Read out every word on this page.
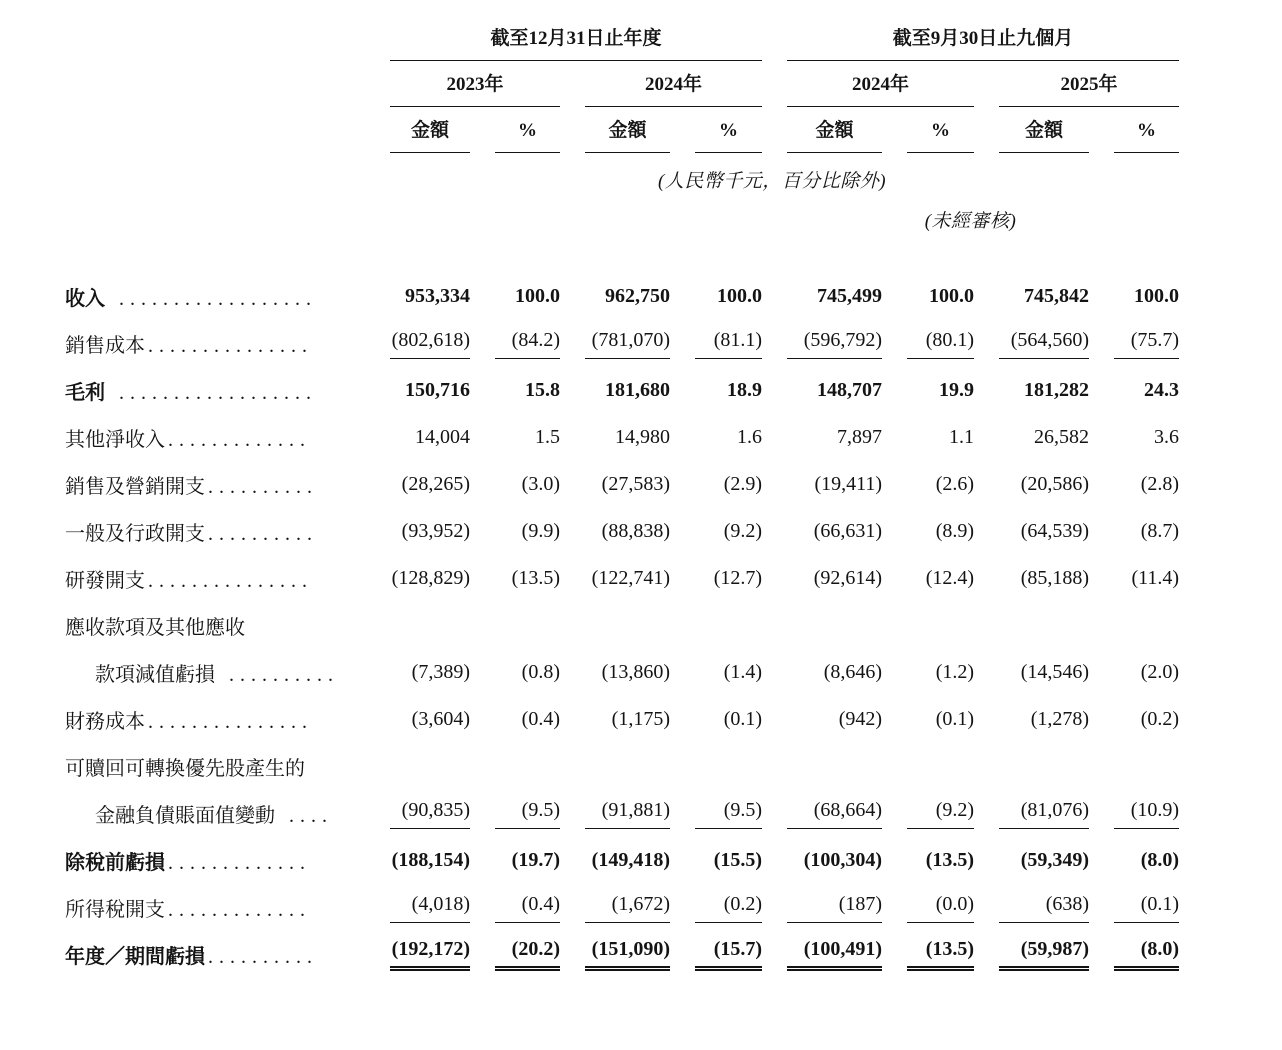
	截至12月31日止年度				截至9月30日止九個月			

	2023年		2024年		2024年		2025年	

	金額	%	金額	%	金額	%	金額	%

	(人民幣千元，百分比除外)							
					(未經審核)			

收入 ..................	953,334	100.0	962,750	100.0	745,499	100.0	745,842	100.0

銷售成本 ...............	(802,618)	(84.2)	(781,070)	(81.1)	(596,792)	(80.1)	(564,560)	(75.7)

毛利 ..................	150,716	15.8	181,680	18.9	148,707	19.9	181,282	24.3

其他淨收入 .............	14,004	1.5	14,980	1.6	7,897	1.1	26,582	3.6

銷售及營銷開支 ..........	(28,265)	(3.0)	(27,583)	(2.9)	(19,411)	(2.6)	(20,586)	(2.8)

一般及行政開支 ..........	(93,952)	(9.9)	(88,838)	(9.2)	(66,631)	(8.9)	(64,539)	(8.7)

研發開支 ...............	(128,829)	(13.5)	(122,741)	(12.7)	(92,614)	(12.4)	(85,188)	(11.4)

應收款項及其他應收	

款項減值虧損 ..........	(7,389)	(0.8)	(13,860)	(1.4)	(8,646)	(1.2)	(14,546)	(2.0)

財務成本 ...............	(3,604)	(0.4)	(1,175)	(0.1)	(942)	(0.1)	(1,278)	(0.2)

可贖回可轉換優先股產生的	

金融負債賬面值變動 ....	(90,835)	(9.5)	(91,881)	(9.5)	(68,664)	(9.2)	(81,076)	(10.9)

除稅前虧損 .............	(188,154)	(19.7)	(149,418)	(15.5)	(100,304)	(13.5)	(59,349)	(8.0)

所得稅開支 .............	(4,018)	(0.4)	(1,672)	(0.2)	(187)	(0.0)	(638)	(0.1)

年度／期間虧損 ..........	(192,172)	(20.2)	(151,090)	(15.7)	(100,491)	(13.5)	(59,987)	(8.0)
